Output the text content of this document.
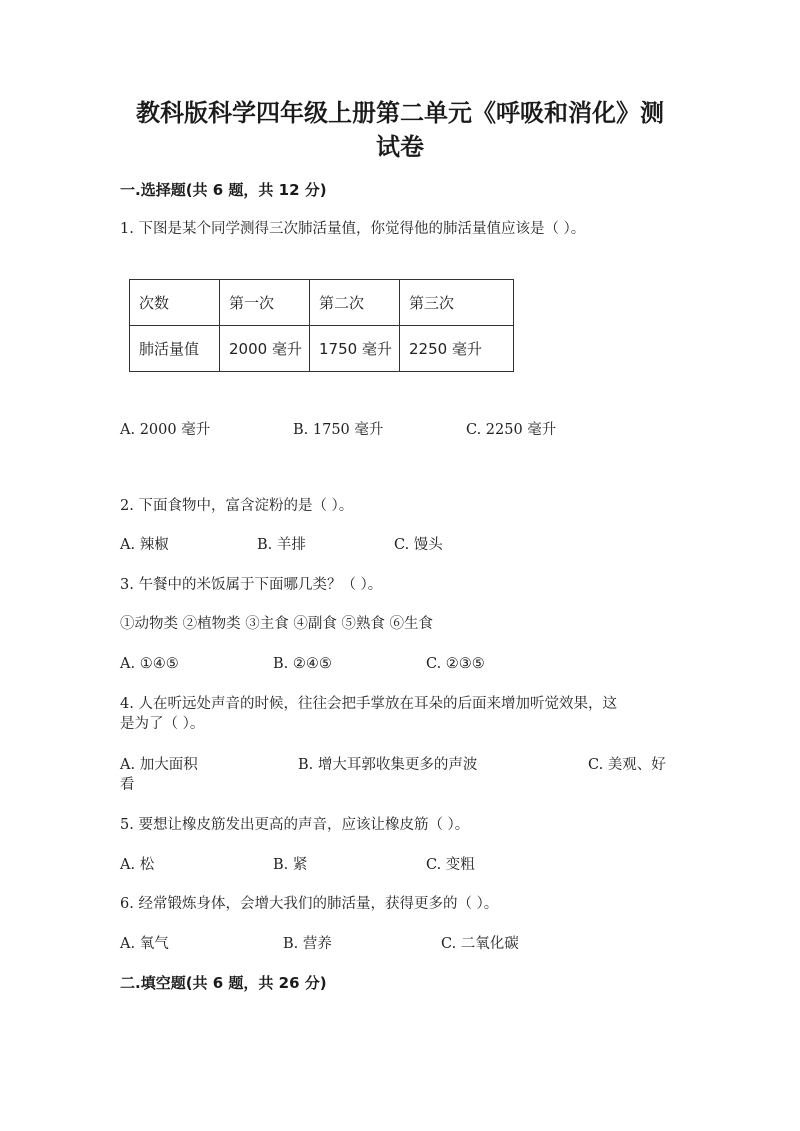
教科版科学四年级上册第二单元《呼吸和消化》测
试卷
一.选择题(共 6 题，共 12 分)
1. 下图是某个同学测得三次肺活量值，你觉得他的肺活量值应该是（ ）。
次数	第一次	第二次	第三次
肺活量值	2000 毫升	1750 毫升	2250 毫升
A. 2000 毫升	B. 1750 毫升	C. 2250 毫升
2. 下面食物中，富含淀粉的是（ ）。
A. 辣椒	B. 羊排	C. 馒头
3. 午餐中的米饭属于下面哪几类？（ ）。
①动物类 ②植物类 ③主食 ④副食 ⑤熟食 ⑥生食
A. ①④⑤	B. ②④⑤	C. ②③⑤
4. 人在听远处声音的时候，往往会把手掌放在耳朵的后面来增加听觉效果，这
是为了（ ）。
A. 加大面积	B. 增大耳郭收集更多的声波	C. 美观、好
看
5. 要想让橡皮筋发出更高的声音，应该让橡皮筋（ ）。
A. 松	B. 紧	C. 变粗
6. 经常锻炼身体，会增大我们的肺活量，获得更多的（ ）。
A. 氧气	B. 营养	C. 二氧化碳
二.填空题(共 6 题，共 26 分)
